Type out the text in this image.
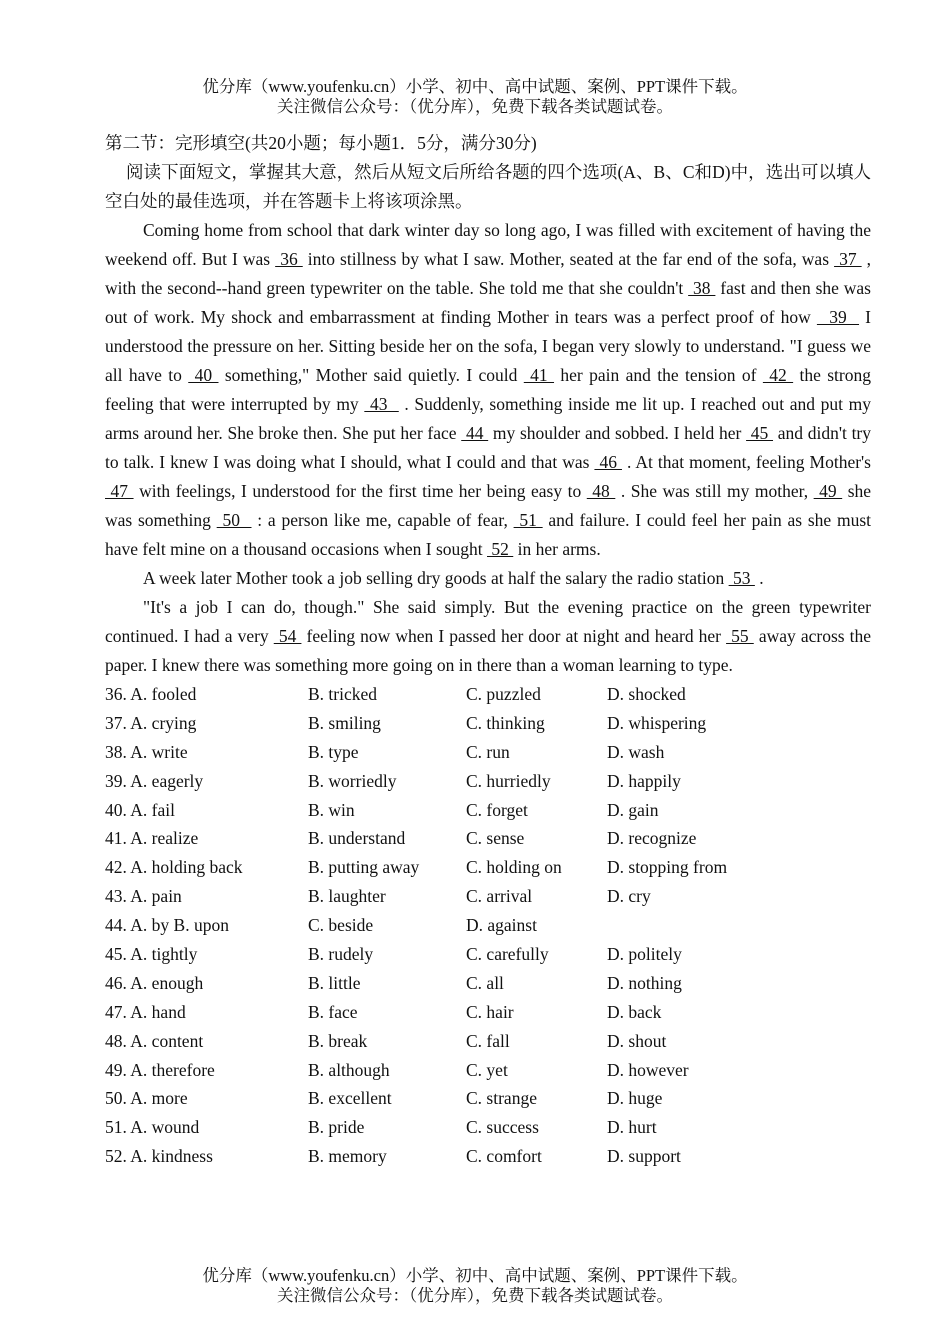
优分库（www.youfenku.cn）小学、初中、高中试题、案例、PPT课件下载。
关注微信公众号：（优分库），免费下载各类试题试卷。
第二节：完形填空(共20小题；每小题1．5分，满分30分)
阅读下面短文，掌握其大意，然后从短文后所给各题的四个选项(A、B、C和D)中，选出可以填人空白处的最佳选项，并在答题卡上将该项涂黑。
Coming home from school that dark winter day so long ago, I was filled with excitement of having the weekend off. But I was  36  into stillness by what I saw. Mother, seated at the far end of the sofa, was  37  , with the second--hand green typewriter on the table. She told me that she couldn't  38  fast and then she was out of work. My shock and embarrassment at finding Mother in tears was a perfect proof of how   39   I understood the pressure on her. Sitting beside her on the sofa, I began very slowly to understand. "I guess we all have to  40  something," Mother said quietly. I could  41  her pain and the tension of  42  the strong feeling that were interrupted by my  43   . Suddenly, something inside me lit up. I reached out and put my arms around her. She broke then. She put her face  44  my shoulder and sobbed. I held her  45  and didn't try to talk. I knew I was doing what I should, what I could and that was  46  . At that moment, feeling Mother's  47  with feelings, I understood for the first time her being easy to  48  . She was still my mother,  49  she was something  50   : a person like me, capable of fear,  51  and failure. I could feel her pain as she must have felt mine on a thousand occasions when I sought  52  in her arms.
A week later Mother took a job selling dry goods at half the salary the radio station  53  .
"It's a job I can do, though." She said simply. But the evening practice on the green typewriter continued. I had a very  54  feeling now when I passed her door at night and heard her  55  away across the paper. I knew there was something more going on in there than a woman learning to type.
36. A. fooled	B. tricked	C. puzzled	D. shocked
37. A. crying	B. smiling	C. thinking	D. whispering
38. A. write	B. type	C. run	D. wash
39. A. eagerly	B. worriedly	C. hurriedly	D. happily
40. A. fail	B. win	C. forget	D. gain
41. A. realize	B. understand	C. sense	D. recognize
42. A. holding back	B. putting away	C. holding on	D. stopping from
43. A. pain	B. laughter	C. arrival	D. cry
44. A. by B. upon	C. beside	D. against
45. A. tightly	B. rudely	C. carefully	D. politely
46. A. enough	B. little	C. all	D. nothing
47. A. hand	B. face	C. hair	D. back
48. A. content	B. break	C. fall	D. shout
49. A. therefore	B. although	C. yet	D. however
50. A. more	B. excellent	C. strange	D. huge
51. A. wound	B. pride	C. success	D. hurt
52. A. kindness	B. memory	C. comfort	D. support
优分库（www.youfenku.cn）小学、初中、高中试题、案例、PPT课件下载。
关注微信公众号：（优分库），免费下载各类试题试卷。
